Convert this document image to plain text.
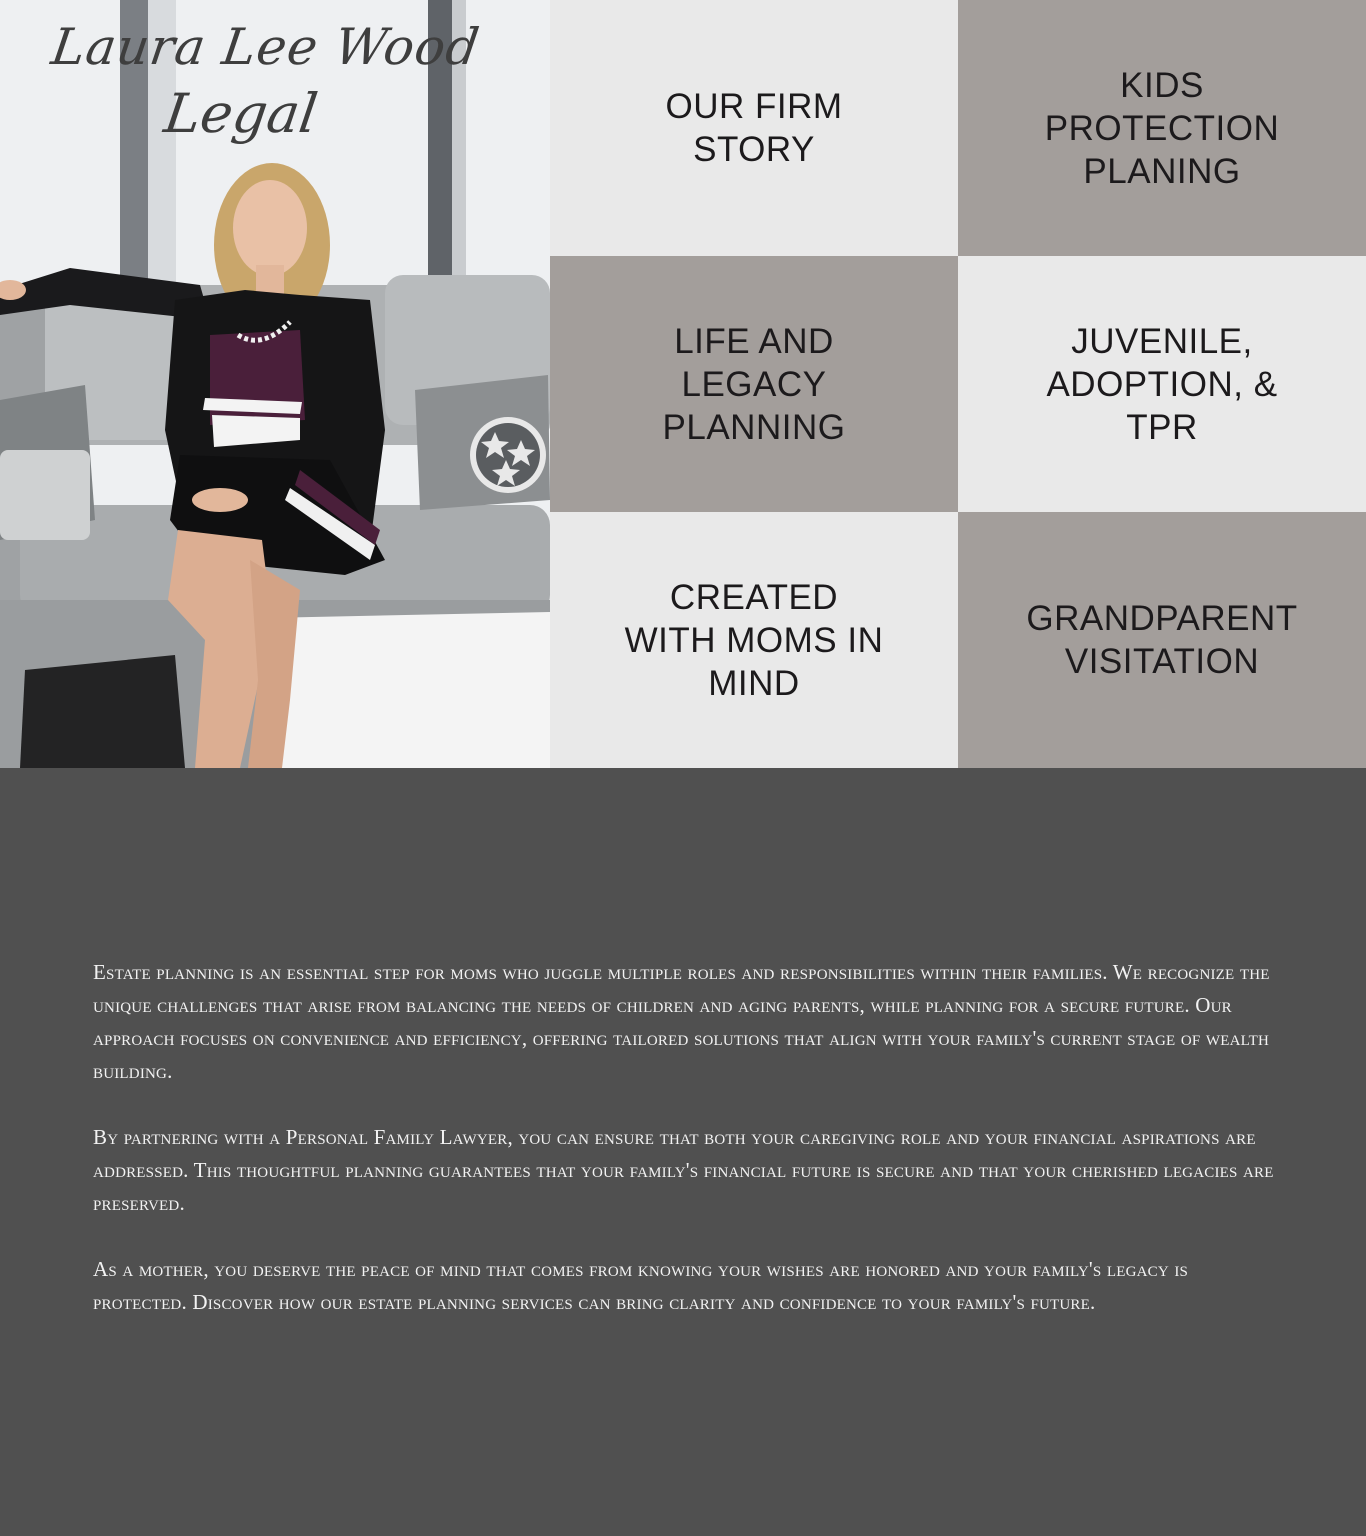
Laura Lee Wood
Legal	OUR FIRM STORY
KIDS PROTECTION PLANING
LIFE AND LEGACY PLANNING
JUVENILE, ADOPTION, & TPR
CREATED WITH MOMS IN MIND
GRANDPARENT VISITATION

Estate planning is an essential step for moms who juggle multiple roles and responsibilities within their families. We recognize the unique challenges that arise from balancing the needs of children and aging parents, while planning for a secure future. Our approach focuses on convenience and efficiency, offering tailored solutions that align with your family's current stage of wealth building.

By partnering with a Personal Family Lawyer, you can ensure that both your caregiving role and your financial aspirations are addressed. This thoughtful planning guarantees that your family's financial future is secure and that your cherished legacies are preserved.

As a mother, you deserve the peace of mind that comes from knowing your wishes are honored and your family's legacy is protected. Discover how our estate planning services can bring clarity and confidence to your family's future.
